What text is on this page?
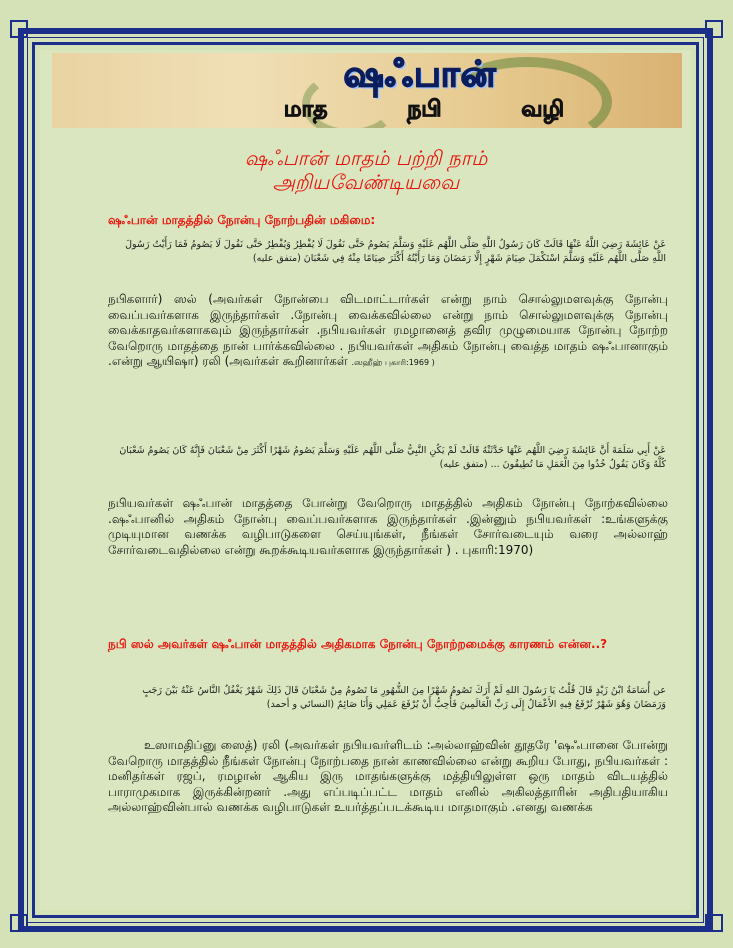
ஷஃபான்
மாத	நபி	வழி
ஷஃபான் மாதம் பற்றி நாம்
அறியவேண்டியவை
ஷஃபான் மாதத்தில் நோன்பு நோற்பதின் மகிமை:
عَنْ عَائِشَةَ رَضِيَ اللَّهُ عَنْهَا قَالَتْ كَانَ رَسُولُ اللَّهِ صَلَّى اللَّهُم عَلَيْهِ وَسَلَّمَ يَصُومُ حَتَّى نَقُولَ لَا يُفْطِرُ وَيُفْطِرُ حَتَّى نَقُولَ لَا يَصُومُ فَمَا رَأَيْتُ رَسُولَ اللَّهِ صَلَّى اللَّهُم عَلَيْهِ وَسَلَّمَ اسْتَكْمَلَ صِيَامَ شَهْرٍ إِلَّا رَمَضَانَ وَمَا رَأَيْتُهُ أَكْثَرَ صِيَامًا مِنْهُ فِي شَعْبَانَ (متفق عليه)
நபிகளார்) ஸல் (அவர்கள் நோன்பை விடமாட்டார்கள் என்று நாம் சொல்லுமளவுக்கு நோன்பு வைப்பவர்களாக இருந்தார்கள் .நோன்பு வைக்கவில்லை என்று நாம் சொல்லுமளவுக்கு நோன்பு வைக்காதவர்களாகவும் இருந்தார்கள் .நபியவர்கள் ரமழானைத் தவிர முழுமையாக நோன்பு நோற்ற வேறொரு மாதத்தை நான் பார்க்கவில்லை . நபியவர்கள் அதிகம் நோன்பு வைத்த மாதம் ஷஃபானாகும் .என்று ஆயிஷா) ரலி (அவர்கள் கூறினார்கள் .ஸஹீஹ் புகாரி:1969 )
عَنْ أَبِي سَلَمَةَ أَنَّ عَائِشَةَ رَضِيَ اللَّهُم عَنْهَا حَدَّثَتْهُ قَالَتْ لَمْ يَكُنِ النَّبِيُّ صَلَّى اللَّهُم عَلَيْهِ وَسَلَّمَ يَصُومُ شَهْرًا أَكْثَرَ مِنْ شَعْبَانَ فَإِنَّهُ كَانَ يَصُومُ شَعْبَانَ كُلَّهُ وَكَانَ يَقُولُ خُذُوا مِنَ الْعَمَلِ مَا تُطِيقُونَ ... (متفق عليه)
நபியவர்கள் ஷஃபான் மாதத்தை போன்று வேறொரு மாதத்தில் அதிகம் நோன்பு நோற்கவில்லை .ஷஃபானில் அதிகம் நோன்பு வைப்பவர்களாக இருந்தார்கள் .இன்னும் நபியவர்கள் :உங்களுக்கு முடியுமான வணக்க வழிபாடுகளை செய்யுங்கள், நீங்கள் சோர்வடையும் வரை அல்லாஹ் சோர்வடைவதில்லை என்று கூறக்கூடியவர்களாக இருந்தார்கள் ) . புகாரி:1970)
நபி ஸல் அவர்கள் ஷஃபான் மாதத்தில் அதிகமாக நோன்பு நோற்றமைக்கு காரணம் என்ன..?
عن أُسَامَةُ ابْنُ زَيْدٍ قَالَ قُلْتُ يَا رَسُولَ اللهِ لَمْ أَرَكَ تَصُومُ شَهْرًا مِنَ الشُّهُورِ مَا تَصُومُ مِنْ شَعْبَانَ قَالَ ذَلِكَ شَهْرٌ يَغْفُلُ النَّاسُ عَنْهُ بَيْنَ رَجَبٍ وَرَمَضَانَ وَهُوَ شَهْرٌ تُرْفَعُ فِيهِ الأَعْمَالُ إِلَى رَبِّ الْعَالَمِينَ فَأُحِبُّ أَنْ يُرْفَعَ عَمَلِي وَأَنَا صَائِمٌ (النسائي و أحمد)
உஸாமதிப்னு ஸைத்) ரலி (அவர்கள் நபியவர்ளிடம் :அல்லாஹ்வின் தூதரே 'ஷஃபானை போன்று வேறொரு மாதத்தில் நீங்கள் நோன்பு நோற்பதை நான் காணவில்லை என்று கூறிய போது, நபியவர்கள் : மனிதர்கள் ரஜப், ரமழான் ஆகிய இரு மாதங்களுக்கு மத்தியிலுள்ள ஒரு மாதம் விடயத்தில் பாராமுகமாக இருக்கின்றனர் .அது எப்படிப்பட்ட மாதம் எனில் அகிலத்தாரின் அதிபதியாகிய அல்லாஹ்வின்பால் வணக்க வழிபாடுகள் உயர்த்தப்படக்கூடிய மாதமாகும் .எனது வணக்க
